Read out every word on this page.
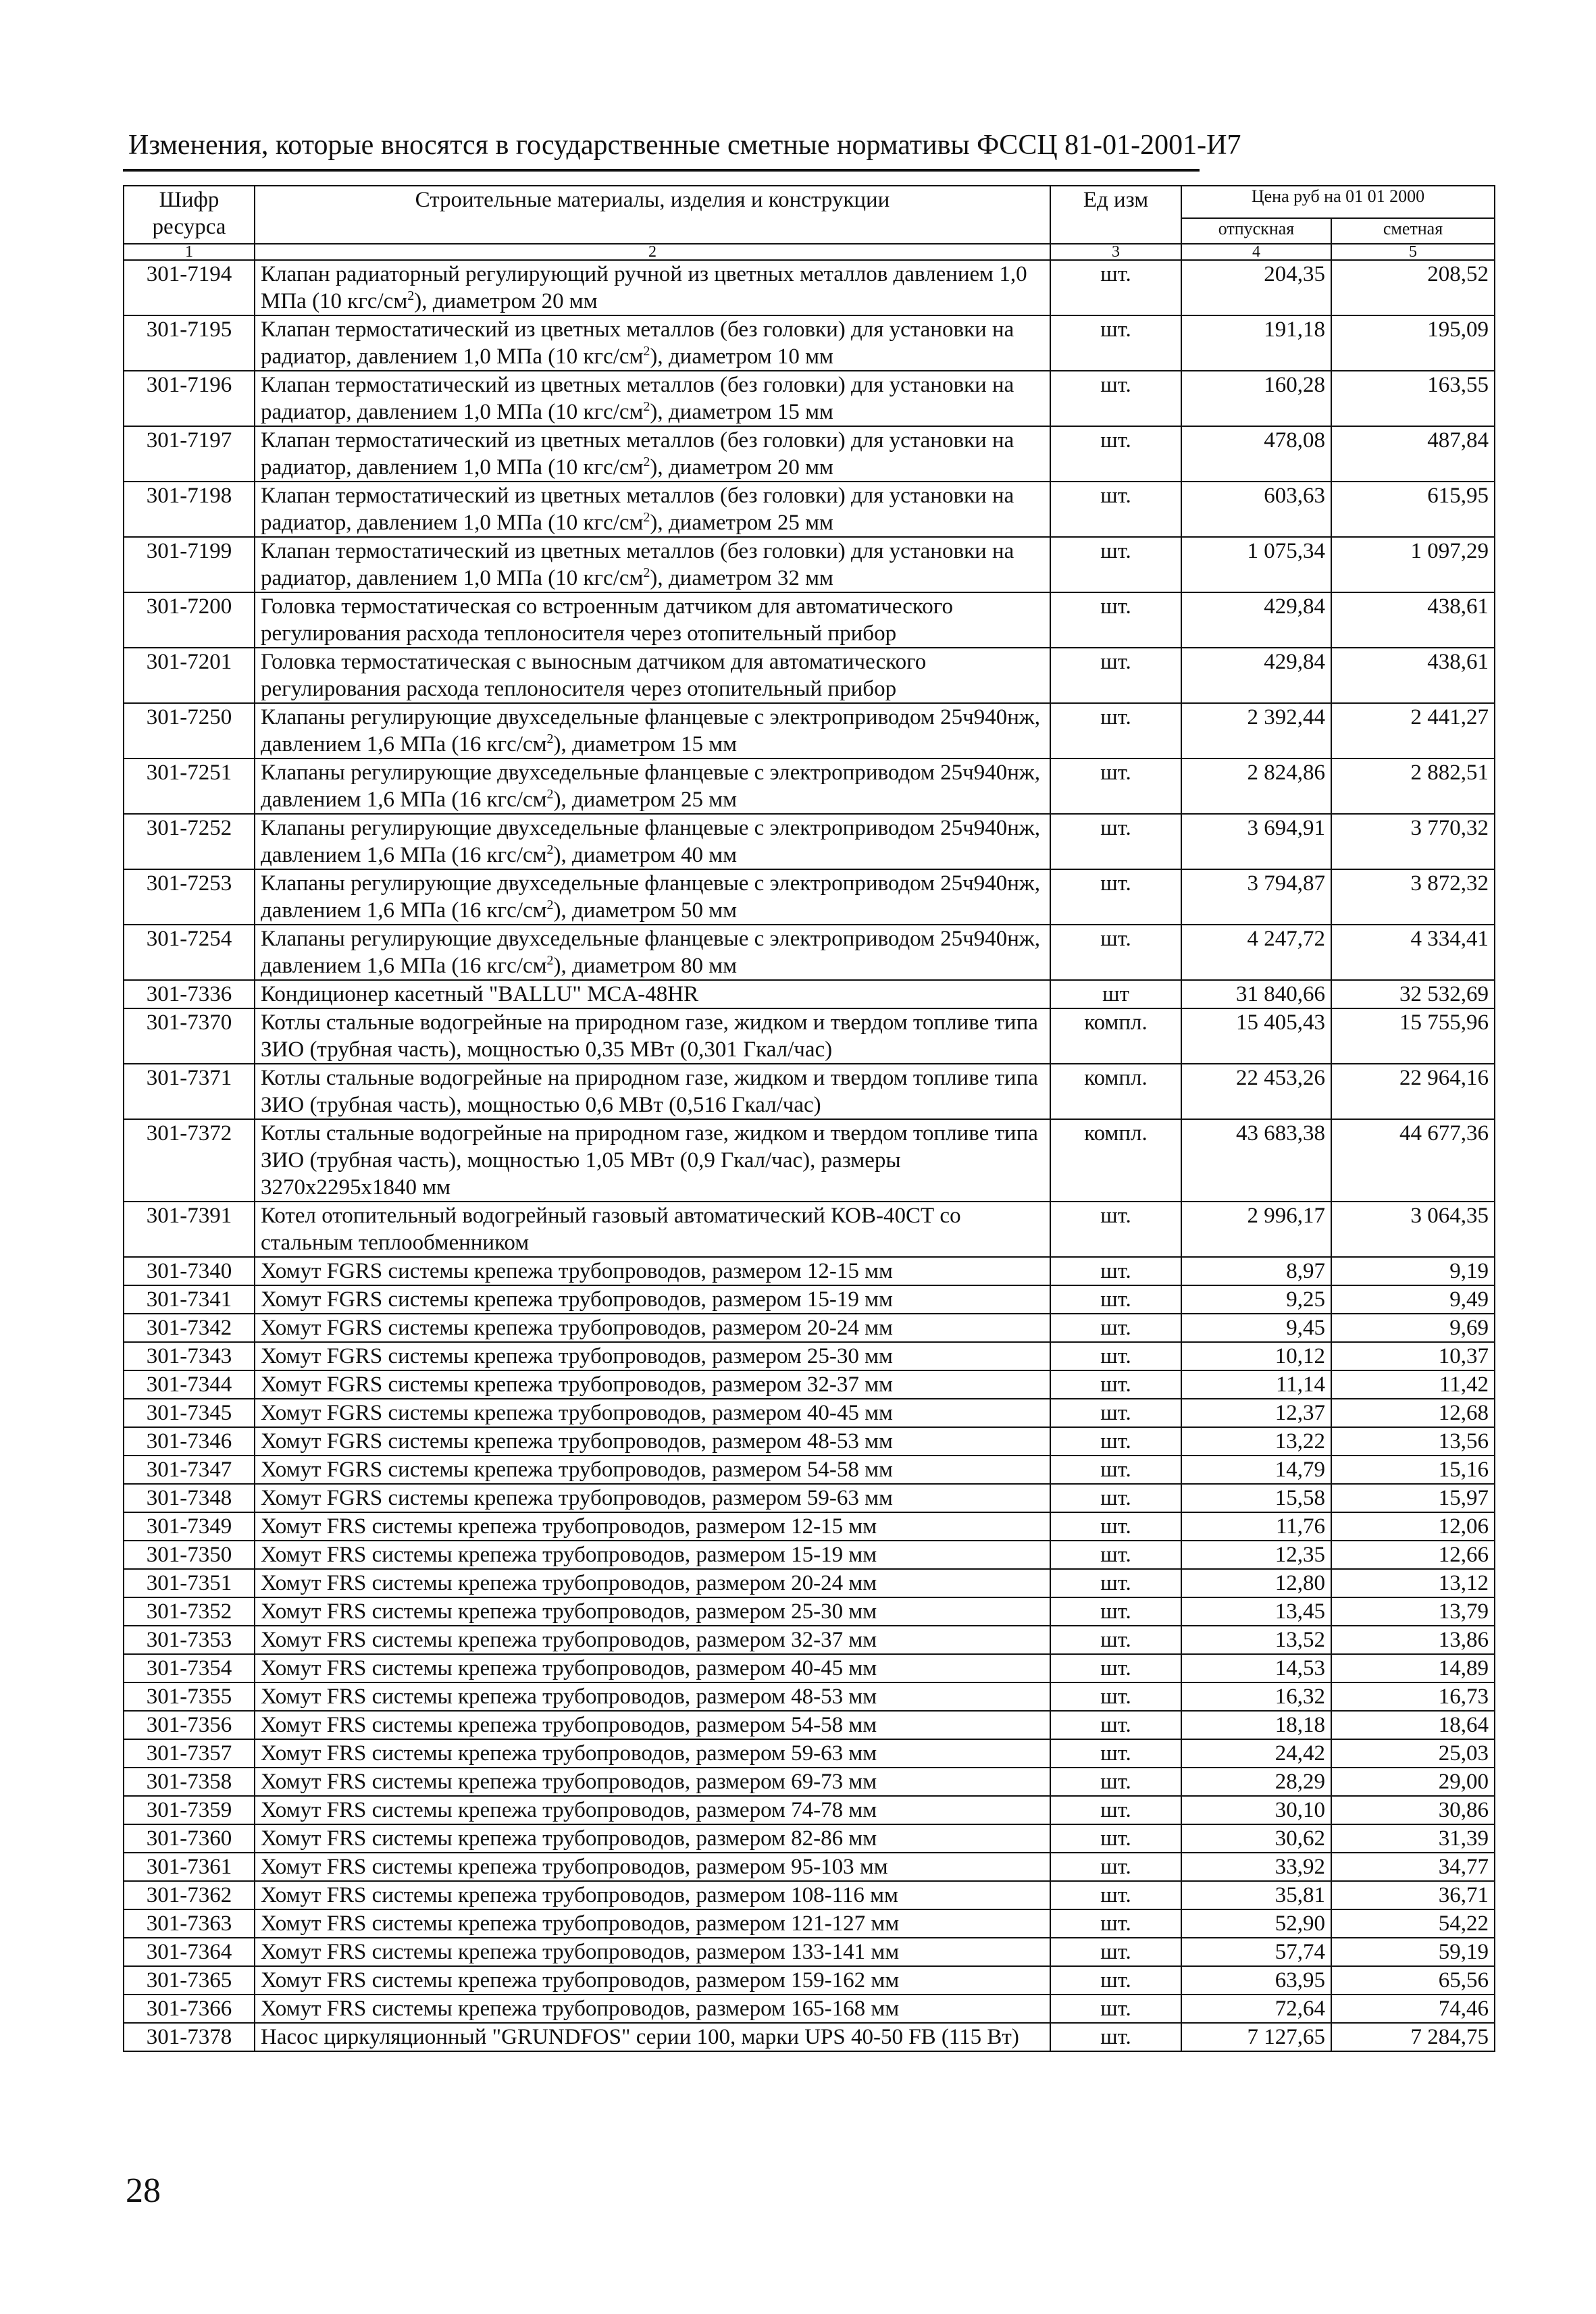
Изменения, которые вносятся в государственные сметные нормативы ФССЦ 81-01-2001-И7
Шифр ресурса	Строительные материалы, изделия и конструкции	Ед изм	Цена руб на 01 01 2000	
			отпускная	сметная
1	2	3	4	5
301-7194	Клапан радиаторный регулирующий ручной из цветных металлов давлением 1,0 МПа (10 кгс/$см^2$), диаметром 20 мм	шт.	204,35	208,52
301-7195	Клапан термостатический из цветных металлов (без головки) для установки на радиатор, давлением 1,0 МПа (10 кгс/$см^2$), диаметром 10 мм	шт.	191,18	195,09
301-7196	Клапан термостатический из цветных металлов (без головки) для установки на радиатор, давлением 1,0 МПа (10 кгс/$см^2$), диаметром 15 мм	шт.	160,28	163,55
301-7197	Клапан термостатический из цветных металлов (без головки) для установки на радиатор, давлением 1,0 МПа (10 кгс/$см^2$), диаметром 20 мм	шт.	478,08	487,84
301-7198	Клапан термостатический из цветных металлов (без головки) для установки на радиатор, давлением 1,0 МПа (10 кгс/$см^2$), диаметром 25 мм	шт.	603,63	615,95
301-7199	Клапан термостатический из цветных металлов (без головки) для установки на радиатор, давлением 1,0 МПа (10 кгс/$см^2$), диаметром 32 мм	шт.	1 075,34	1 097,29
301-7200	Головка термостатическая со встроенным датчиком для автоматического регулирования расхода теплоносителя через отопительный прибор	шт.	429,84	438,61
301-7201	Головка термостатическая с выносным датчиком для автоматического регулирования расхода теплоносителя через отопительный прибор	шт.	429,84	438,61
301-7250	Клапаны регулирующие двухседельные фланцевые с электроприводом 25ч940нж, давлением 1,6 МПа (16 кгс/$см^2$), диаметром 15 мм	шт.	2 392,44	2 441,27
301-7251	Клапаны регулирующие двухседельные фланцевые с электроприводом 25ч940нж, давлением 1,6 МПа (16 кгс/$см^2$), диаметром 25 мм	шт.	2 824,86	2 882,51
301-7252	Клапаны регулирующие двухседельные фланцевые с электроприводом 25ч940нж, давлением 1,6 МПа (16 кгс/$см^2$), диаметром 40 мм	шт.	3 694,91	3 770,32
301-7253	Клапаны регулирующие двухседельные фланцевые с электроприводом 25ч940нж, давлением 1,6 МПа (16 кгс/$см^2$), диаметром 50 мм	шт.	3 794,87	3 872,32
301-7254	Клапаны регулирующие двухседельные фланцевые с электроприводом 25ч940нж, давлением 1,6 МПа (16 кгс/$см^2$), диаметром 80 мм	шт.	4 247,72	4 334,41
301-7336	Кондиционер касетный "BALLU" MCA-48HR	шт	31 840,66	32 532,69
301-7370	Котлы стальные водогрейные на природном газе, жидком и твердом топливе типа ЗИО (трубная часть), мощностью 0,35 МВт (0,301 Гкал/час)	компл.	15 405,43	15 755,96
301-7371	Котлы стальные водогрейные на природном газе, жидком и твердом топливе типа ЗИО (трубная часть), мощностью 0,6 МВт (0,516 Гкал/час)	компл.	22 453,26	22 964,16
301-7372	Котлы стальные водогрейные на природном газе, жидком и твердом топливе типа ЗИО (трубная часть), мощностью 1,05 МВт (0,9 Гкал/час), размеры 3270x2295x1840 мм	компл.	43 683,38	44 677,36
301-7391	Котел отопительный водогрейный газовый автоматический КОВ-40СТ со стальным теплообменником	шт.	2 996,17	3 064,35
301-7340	Хомут FGRS системы крепежа трубопроводов, размером 12-15 мм	шт.	8,97	9,19
301-7341	Хомут FGRS системы крепежа трубопроводов, размером 15-19 мм	шт.	9,25	9,49
301-7342	Хомут FGRS системы крепежа трубопроводов, размером 20-24 мм	шт.	9,45	9,69
301-7343	Хомут FGRS системы крепежа трубопроводов, размером 25-30 мм	шт.	10,12	10,37
301-7344	Хомут FGRS системы крепежа трубопроводов, размером 32-37 мм	шт.	11,14	11,42
301-7345	Хомут FGRS системы крепежа трубопроводов, размером 40-45 мм	шт.	12,37	12,68
301-7346	Хомут FGRS системы крепежа трубопроводов, размером 48-53 мм	шт.	13,22	13,56
301-7347	Хомут FGRS системы крепежа трубопроводов, размером 54-58 мм	шт.	14,79	15,16
301-7348	Хомут FGRS системы крепежа трубопроводов, размером 59-63 мм	шт.	15,58	15,97
301-7349	Хомут FRS системы крепежа трубопроводов, размером 12-15 мм	шт.	11,76	12,06
301-7350	Хомут FRS системы крепежа трубопроводов, размером 15-19 мм	шт.	12,35	12,66
301-7351	Хомут FRS системы крепежа трубопроводов, размером 20-24 мм	шт.	12,80	13,12
301-7352	Хомут FRS системы крепежа трубопроводов, размером 25-30 мм	шт.	13,45	13,79
301-7353	Хомут FRS системы крепежа трубопроводов, размером 32-37 мм	шт.	13,52	13,86
301-7354	Хомут FRS системы крепежа трубопроводов, размером 40-45 мм	шт.	14,53	14,89
301-7355	Хомут FRS системы крепежа трубопроводов, размером 48-53 мм	шт.	16,32	16,73
301-7356	Хомут FRS системы крепежа трубопроводов, размером 54-58 мм	шт.	18,18	18,64
301-7357	Хомут FRS системы крепежа трубопроводов, размером 59-63 мм	шт.	24,42	25,03
301-7358	Хомут FRS системы крепежа трубопроводов, размером 69-73 мм	шт.	28,29	29,00
301-7359	Хомут FRS системы крепежа трубопроводов, размером 74-78 мм	шт.	30,10	30,86
301-7360	Хомут FRS системы крепежа трубопроводов, размером 82-86 мм	шт.	30,62	31,39
301-7361	Хомут FRS системы крепежа трубопроводов, размером 95-103 мм	шт.	33,92	34,77
301-7362	Хомут FRS системы крепежа трубопроводов, размером 108-116 мм	шт.	35,81	36,71
301-7363	Хомут FRS системы крепежа трубопроводов, размером 121-127 мм	шт.	52,90	54,22
301-7364	Хомут FRS системы крепежа трубопроводов, размером 133-141 мм	шт.	57,74	59,19
301-7365	Хомут FRS системы крепежа трубопроводов, размером 159-162 мм	шт.	63,95	65,56
301-7366	Хомут FRS системы крепежа трубопроводов, размером 165-168 мм	шт.	72,64	74,46
301-7378	Насос циркуляционный "GRUNDFOS" серии 100, марки UPS 40-50 FB (115 Вт)	шт.	7 127,65	7 284,75
28
